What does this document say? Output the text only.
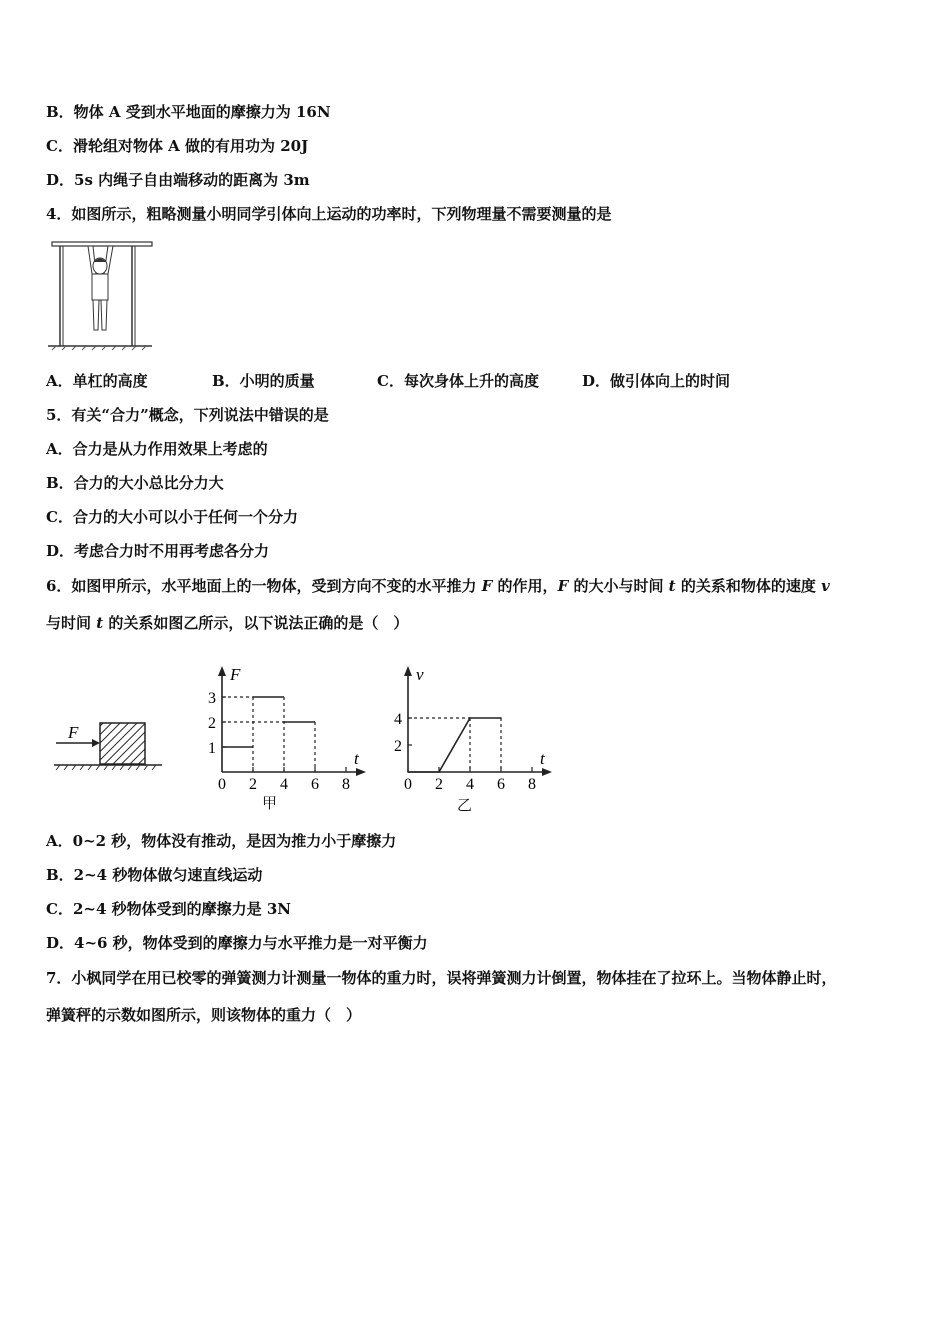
B．物体 A 受到水平地面的摩擦力为 16N
C．滑轮组对物体 A 做的有用功为 20J
D．5s 内绳子自由端移动的距离为 3m
4．如图所示，粗略测量小明同学引体向上运动的功率时，下列物理量不需要测量的是
A．单杠的高度	B．小明的质量	C．每次身体上升的高度	D．做引体向上的时间
5．有关“合力”概念，下列说法中错误的是
A．合力是从力作用效果上考虑的
B．合力的大小总比分力大
C．合力的大小可以小于任何一个分力
D．考虑合力时不用再考虑各分力
6．如图甲所示，水平地面上的一物体，受到方向不变的水平推力 F 的作用，F 的大小与时间 t 的关系和物体的速度 v
与时间 t 的关系如图乙所示，以下说法正确的是（　）
F
t
F
0 2 4 6 8
1
2
3
甲
t
v
0 2 4 6 8
2
4
乙
A．0~2 秒，物体没有推动，是因为推力小于摩擦力
B．2~4 秒物体做匀速直线运动
C．2~4 秒物体受到的摩擦力是 3N
D．4~6 秒，物体受到的摩擦力与水平推力是一对平衡力
7．小枫同学在用已校零的弹簧测力计测量一物体的重力时，误将弹簧测力计倒置，物体挂在了拉环上。当物体静止时，
弹簧秤的示数如图所示，则该物体的重力（　）
